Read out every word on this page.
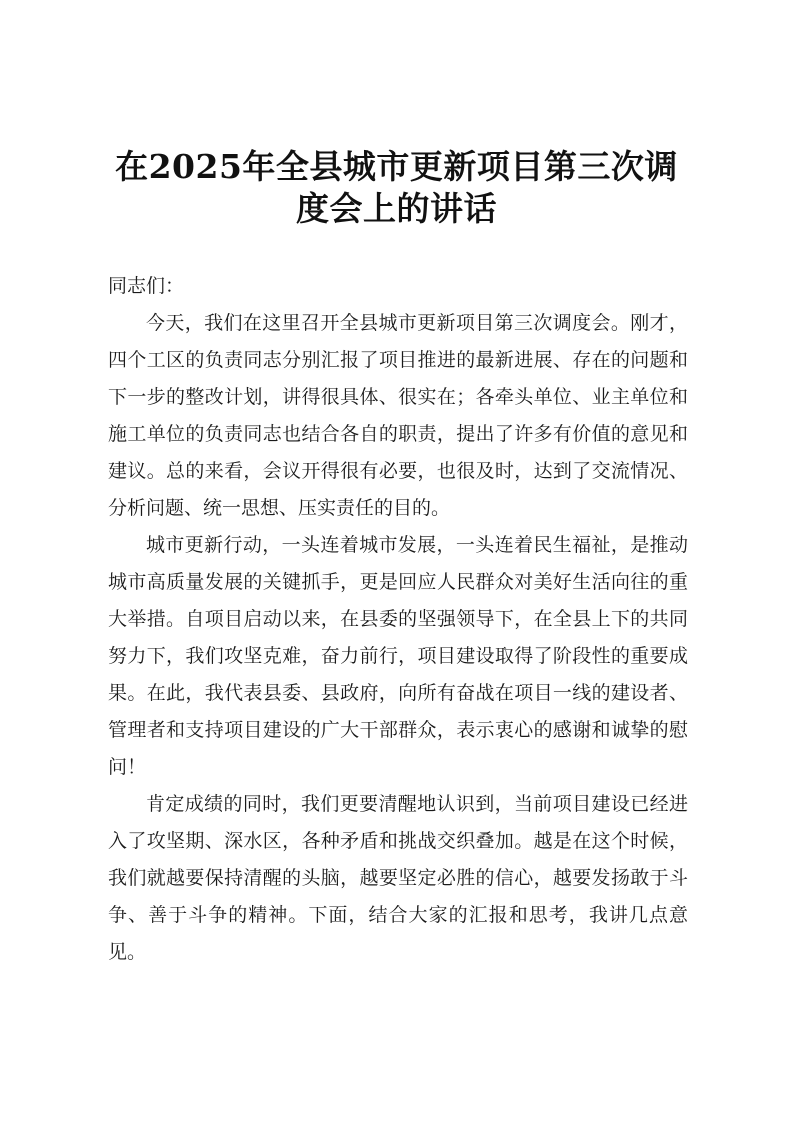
在2025年全县城市更新项目第三次调度会上的讲话

同志们：

今天，我们在这里召开全县城市更新项目第三次调度会。刚才，四个工区的负责同志分别汇报了项目推进的最新进展、存在的问题和下一步的整改计划，讲得很具体、很实在；各牵头单位、业主单位和施工单位的负责同志也结合各自的职责，提出了许多有价值的意见和建议。总的来看，会议开得很有必要，也很及时，达到了交流情况、分析问题、统一思想、压实责任的目的。

城市更新行动，一头连着城市发展，一头连着民生福祉，是推动城市高质量发展的关键抓手，更是回应人民群众对美好生活向往的重大举措。自项目启动以来，在县委的坚强领导下，在全县上下的共同努力下，我们攻坚克难，奋力前行，项目建设取得了阶段性的重要成果。在此，我代表县委、县政府，向所有奋战在项目一线的建设者、管理者和支持项目建设的广大干部群众，表示衷心的感谢和诚挚的慰问！

肯定成绩的同时，我们更要清醒地认识到，当前项目建设已经进入了攻坚期、深水区，各种矛盾和挑战交织叠加。越是在这个时候，我们就越要保持清醒的头脑，越要坚定必胜的信心，越要发扬敢于斗争、善于斗争的精神。下面，结合大家的汇报和思考，我讲几点意见。
